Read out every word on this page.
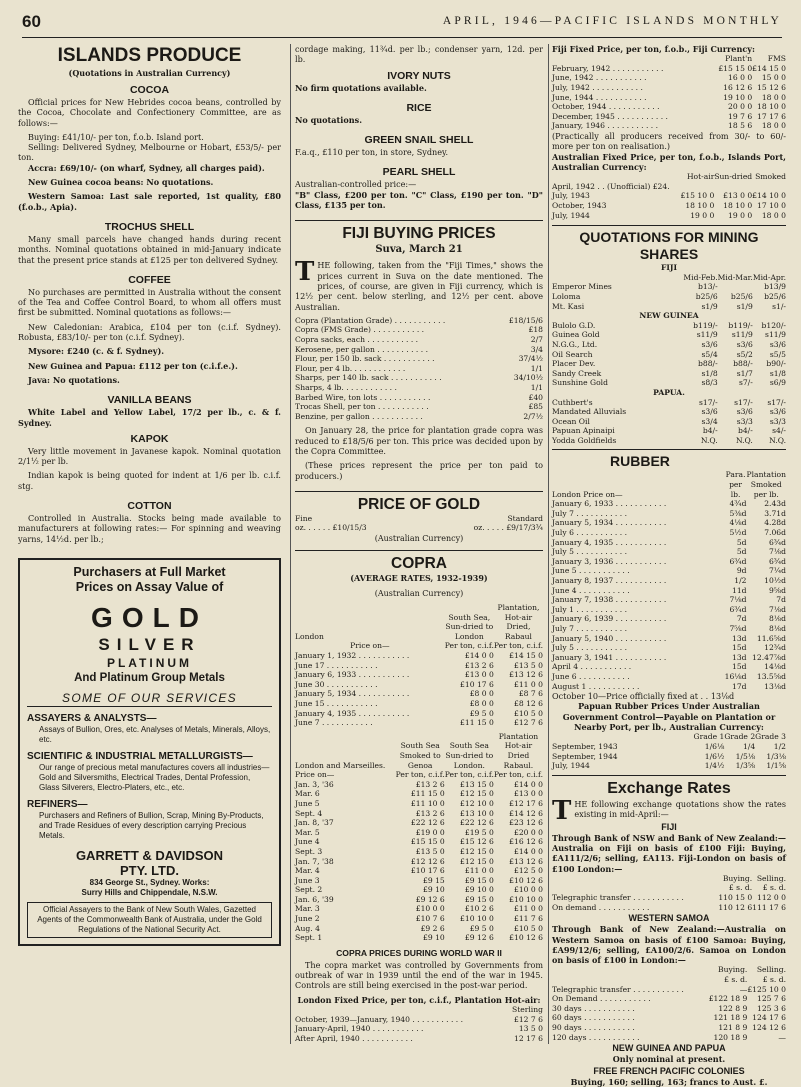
60	APRIL, 1946—PACIFIC ISLANDS MONTHLY
ISLANDS PRODUCE
(Quotations in Australian Currency)
COCOA

Official prices for New Hebrides cocoa beans, controlled by the Cocoa, Chocolate and Confectionery Committee, are as follows:—

Buying: £41/10/- per ton, f.o.b. Island port.

Selling: Delivered Sydney, Melbourne or Hobart, £53/5/- per ton.

Accra: £69/10/- (on wharf, Sydney, all charges paid).

New Guinea cocoa beans: No quotations.

Western Samoa: Last sale reported, 1st quality, £80 (f.o.b., Apia).

TROCHUS SHELL

Many small parcels have changed hands during recent months. Nominal quotations obtained in mid-January indicate that the present price stands at £125 per ton delivered Sydney.

COFFEE

No purchases are permitted in Australia without the consent of the Tea and Coffee Control Board, to whom all offers must first be submitted. Nominal quotations as follows:—

New Caledonian: Arabica, £104 per ton (c.i.f. Sydney). Robusta, £83/10/- per ton (c.i.f. Sydney).

Mysore: £240 (c. & f. Sydney).

New Guinea and Papua: £112 per ton (c.i.f.e.).

Java: No quotations.

VANILLA BEANS

White Label and Yellow Label, 17/2 per lb., c. & f. Sydney.

KAPOK

Very little movement in Javanese kapok. Nominal quotation 2/1½ per lb.

Indian kapok is being quoted for indent at 1/6 per lb. c.i.f. stg.

COTTON

Controlled in Australia. Stocks being made available to manufacturers at following rates:— For spinning and weaving yarns, 14½d. per lb.;

Purchasers at Full Market
Prices on Assay Value of
GOLD
SILVER
PLATINUM
And Platinum Group Metals
SOME OF OUR SERVICES
ASSAYERS & ANALYSTS—
Assays of Bullion, Ores, etc. Analyses of Metals, Minerals, Alloys, etc.
SCIENTIFIC & INDUSTRIAL METALLURGISTS—
Our range of precious metal manufactures covers all industries—Gold and Silversmiths, Electrical Trades, Dental Profession, Glass Silverers, Electro-Platers, etc., etc.
REFINERS—
Purchasers and Refiners of Bullion, Scrap, Mining By-Products, and Trade Residues of every description carrying Precious Metals.
GARRETT & DAVIDSON
PTY. LTD.
834 George St., Sydney. Works:
Surry Hills and Chippendale, N.S.W.
Official Assayers to the Bank of New South Wales, Gazetted Agents of the Commonwealth Bank of Australia, under the Gold Regulations of the National Security Act.

cordage making, 11¾d. per lb.; condenser yarn, 12d. per lb.

IVORY NUTS

No firm quotations available.

RICE

No quotations.

GREEN SNAIL SHELL

F.a.q., £110 per ton, in store, Sydney.

PEARL SHELL

Australian-controlled price:—

"B" Class, £200 per ton. "C" Class, £190 per ton. "D" Class, £135 per ton.

FIJI BUYING PRICES
Suva, March 21

THE following, taken from the "Fiji Times," shows the prices current in Suva on the date mentioned. The prices, of course, are given in Fiji currency, which is 12½ per cent. below sterling, and 12½ per cent. above Australian.

Copra (Plantation Grade) . . . . . . . . . . .	£18/15/6
Copra (FMS Grade) . . . . . . . . . . .	£18
Copra sacks, each . . . . . . . . . . .	2/7
Kerosene, per gallon . . . . . . . . . . .	3/4
Flour, per 150 lb. sack . . . . . . . . . . .	37/4½
Flour, per 4 lb. . . . . . . . . . . .	1/1
Sharps, per 140 lb. sack . . . . . . . . . . .	34/10½
Sharps, 4 lb. . . . . . . . . . . .	1/1
Barbed Wire, ton lots . . . . . . . . . . .	£40
Trocas Shell, per ton . . . . . . . . . . .	£85
Benzine, per gallon . . . . . . . . . . .	2/7½

On January 28, the price for plantation grade copra was reduced to £18/5/6 per ton. This price was decided upon by the Copra Committee.

(These prices represent the price per ton paid to producers.)

PRICE OF GOLD
Fine	Standard
oz. . . . . . £10/15/3	oz. . . . . £9/17/3¾
(Australian Currency)
COPRA
(AVERAGE RATES, 1932-1939)
(Australian Currency)
London	South Sea, Sun-dried to London	Plantation, Hot-air Dried, Rabaul
Price on—	Per ton, c.i.f.	Per ton, c.i.f.
January 1, 1932 . . . . . . . . . . .	£14 0 0	£14 15 0
June 17 . . . . . . . . . . .	£13 2 6	£13 5 0
January 6, 1933 . . . . . . . . . . .	£13 0 0	£13 12 6
June 30 . . . . . . . . . . .	£10 17 6	£11 0 0
January 5, 1934 . . . . . . . . . . .	£8 0 0	£8 7 6
June 15 . . . . . . . . . . .	£8 0 0	£8 12 6
January 4, 1935 . . . . . . . . . . .	£9 5 0	£10 5 0
June 7 . . . . . . . . . . .	£11 15 0	£12 7 6
London and Marseilles.	South Sea Smoked to Genoa	South Sea Sun-dried to London.	Plantation Hot-air Dried Rabaul.
Price on—	Per ton, c.i.f.	Per ton, c.i.f.	Per ton, c.i.f.
Jan. 3, '36	£13 2 6	£13 15 0	£14 0 0
Mar. 6	£11 15 0	£12 15 0	£13 0 0
June 5	£11 10 0	£12 10 0	£12 17 6
Sept. 4	£13 2 6	£13 10 0	£14 12 6
Jan. 8, '37	£22 12 6	£22 12 6	£23 12 6
Mar. 5	£19 0 0	£19 5 0	£20 0 0
June 4	£15 15 0	£15 12 6	£16 12 6
Sept. 3	£13 5 0	£12 15 0	£14 0 0
Jan. 7, '38	£12 12 6	£12 15 0	£13 12 6
Mar. 4	£10 17 6	£11 0 0	£12 5 0
June 3	£9 15	£9 15 0	£10 12 6
Sept. 2	£9 10	£9 10 0	£10 0 0
Jan. 6, '39	£9 12 6	£9 15 0	£10 10 0
Mar. 3	£10 0 0	£10 2 6	£11 0 0
June 2	£10 7 6	£10 10 0	£11 7 6
Aug. 4	£9 2 6	£9 5 0	£10 5 0
Sept. 1	£9 10	£9 12 6	£10 12 6
COPRA PRICES DURING WORLD WAR II

The copra market was controlled by Governments from outbreak of war in 1939 until the end of the war in 1945. Controls are still being exercised in the post-war period.

London Fixed Price, per ton, c.i.f., Plantation Hot-air:

	Sterling
October, 1939—January, 1940 . . . . . . . . . . .	£12 7 6
January-April, 1940 . . . . . . . . . . .	13 5 0
After April, 1940 . . . . . . . . . . .	12 17 6

Fiji Fixed Price, per ton, f.o.b., Fiji Currency:

	Plant'n	FMS
February, 1942 . . . . . . . . . . .	£15 15 0	£14 15 0
June, 1942 . . . . . . . . . . .	16 0 0	15 0 0
July, 1942 . . . . . . . . . . .	16 12 6	15 12 6
June, 1944 . . . . . . . . . . .	19 10 0	18 0 0
October, 1944 . . . . . . . . . . .	20 0 0	18 10 0
December, 1945 . . . . . . . . . . .	19 7 6	17 17 6
January, 1946 . . . . . . . . . . .	18 5 6	18 0 0

(Practically all producers received from 30/- to 60/- more per ton on realisation.)

Australian Fixed Price, per ton, f.o.b., Islands Port, Australian Currency:

	Hot-air	Sun-dried	Smoked
April, 1942 . . (Unofficial) £24.			
July, 1943	£15 10 0	£13 0 0	£14 10 0
October, 1943	18 10 0	18 10 0	17 10 0
July, 1944	19 0 0	19 0 0	18 0 0
QUOTATIONS FOR MINING
SHARES
FIJI			
	Mid-Feb.	Mid-Mar.	Mid-Apr.
Emperor Mines	b13/-		b13/9
Loloma	b25/6	b25/6	b25/6
Mt. Kasi	s1/9	s1/9	s1/-
NEW GUINEA			
Bulolo G.D.	b119/-	b119/-	b120/-
Guinea Gold	s11/9	s11/9	s11/9
N.G.G., Ltd.	s3/6	s3/6	s3/6
Oil Search	s5/4	s5/2	s5/5
Placer Dev.	b88/-	b88/-	b90/-
Sandy Creek	s1/8	s1/7	s1/8
Sunshine Gold	s8/3	s7/-	s6/9
PAPUA.			
Cuthbert's	s17/-	s17/-	s17/-
Mandated Alluvials	s3/6	s3/6	s3/6
Ocean Oil	s3/4	s3/3	s3/3
Papuan Apinaipi	b4/-	b4/-	s4/-
Yodda Goldfields	N.Q.	N.Q.	N.Q.
RUBBER
London Price on—	Para. per lb.	Plantation Smoked per lb.
January 6, 1933 . . . . . . . . . . .	4¾d	2.43d
July 7 . . . . . . . . . . .	5⅜d	3.71d
January 5, 1934 . . . . . . . . . . .	4⅛d	4.28d
July 6 . . . . . . . . . . .	5½d	7.06d
January 4, 1935 . . . . . . . . . . .	5d	6¾d
July 5 . . . . . . . . . . .	5d	7⅛d
January 3, 1936 . . . . . . . . . . .	6¾d	6¾d
June 5 . . . . . . . . . . .	9d	7¼d
January 8, 1937 . . . . . . . . . . .	1/2	10½d
June 4 . . . . . . . . . . .	11d	9⅝d
January 7, 1938 . . . . . . . . . . .	7⅛d	7d
July 1 . . . . . . . . . . .	6¾d	7⅛d
January 6, 1939 . . . . . . . . . . .	7d	8⅛d
July 7 . . . . . . . . . . .	7⅝d	8⅛d
January 5, 1940 . . . . . . . . . . .	13d	11.6⅝d
July 5 . . . . . . . . . . .	15d	12¾d
January 3, 1941 . . . . . . . . . . .	13d	12.47⅞d
April 4 . . . . . . . . . . .	15d	14⅛d
June 6 . . . . . . . . . . .	16⅛d	13.5⅝d
August 1 . . . . . . . . . . .	17d	13⅛d

October 10—Price officially fixed at . . 13⅛d

Papuan Rubber Prices Under Australian Government Control—Payable on Plantation or Nearby Port, per lb., Australian Currency:

	Grade 1	Grade 2	Grade 3
September, 1943	1/6⅛	1/4	1/2
September, 1944	1/6½	1/5⅛	1/3⅛
July, 1944	1/4½	1/3⅝	1/1⅝
Exchange Rates

THE following exchange quotations show the rates existing in mid-April:—

FIJI

Through Bank of NSW and Bank of New Zealand:—Australia on Fiji on basis of £100 Fiji: Buying, £A111/2/6; selling, £A113. Fiji-London on basis of £100 London:—

	Buying.	Selling.
	£ s. d.	£ s. d.
Telegraphic transfer . . . . . . . . . . .	110 15 0	112 0 0
On demand . . . . . . . . . . .	110 12 6	111 17 6
WESTERN SAMOA

Through Bank of New Zealand:—Australia on Western Samoa on basis of £100 Samoa: Buying, £A99/12/6; selling, £A100/2/6. Samoa on London on basis of £100 in London:—

	Buying.	Selling.
	£ s. d.	£ s. d.
Telegraphic transfer . . . . . . . . . . .	—	£125 10 0
On Demand . . . . . . . . . . .	£122 18 9	125 7 6
30 days . . . . . . . . . . .	122 8 9	125 3 6
60 days . . . . . . . . . . .	121 18 9	124 17 6
90 days . . . . . . . . . . .	121 8 9	124 12 6
120 days . . . . . . . . . . .	120 18 9	—
NEW GUINEA AND PAPUA

Only nominal at present.

FREE FRENCH PACIFIC COLONIES

Buying, 160; selling, 163; francs to Aust. £.
